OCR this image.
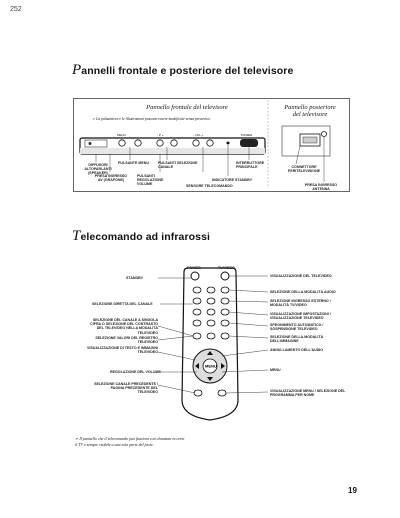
252
Pannelli frontale e posteriore del televisore
Pannello frontale del televisore	Pannello posteriore del televisore
➢ La pulsantiera e le illustrazioni possono essere modificate senza preavviso.
MENU	- P +	- VOL +	POWER
MENU
DIFFUSORI ALTOPARLANTI (SPEAKER)
PULSANTE MENU	PULSANTI SELEZIONE CANALE
INTERRUTTORE PRINCIPALE
INDICATORE STANDBY
PRESA INGRESSO AV (GRAFONE)
PULSANTI REGOLAZIONE VOLUME	SENSORE TELECOMANDO
CONNETTORE PERITELEVISIONE
PRESA INGRESSO ANTENNA
Telecomando ad infrarossi
POWER	TV/VIDEO
STANDBY
SELEZIONE DIRETTA DEL CANALE
SELEZIONE DEL CANALE A SINGOLA CIFRA O SELEZIONE DEL CONTRASTO DEL TELEVIDEO NELLA MODALITÀ TELEVIDEO
SELEZIONE VALORI DEL REGISTRO TELEVIDEO
VISUALIZZAZIONE DI TESTO E IMMAGINI TELEVIDEO
REGOLAZIONE DEL VOLUME
SELEZIONE CANALE PRECEDENTE / PAGINA PRECEDENTE DEL TELEVIDEO
VISUALIZZAZIONE DEL TELEVIDEO
SELEZIONE DELLA MODALITÀ AUDIO
SELEZIONE INGRESSO ESTERNO / MODALITÀ TV/VIDEO
VISUALIZZAZIONE IMPOSTAZIONI / VISUALIZZAZIONE TELEVIDEO
SPEGNIMENTO AUTOMATICO / SOSPENSIONE TELEVIDEO
SELEZIONE DELLA MODALITÀ DELL'IMMAGINE
ANNULLAMENTO DELL'AUDIO
MENU
VISUALIZZAZIONE MENU / SELEZIONE DEL PROGRAMMA PER NOME
➢ Il pannello che il telecomando può funzioni con chiamate in certe il TV e sempre visibile a una sola parte del fuore.
19
